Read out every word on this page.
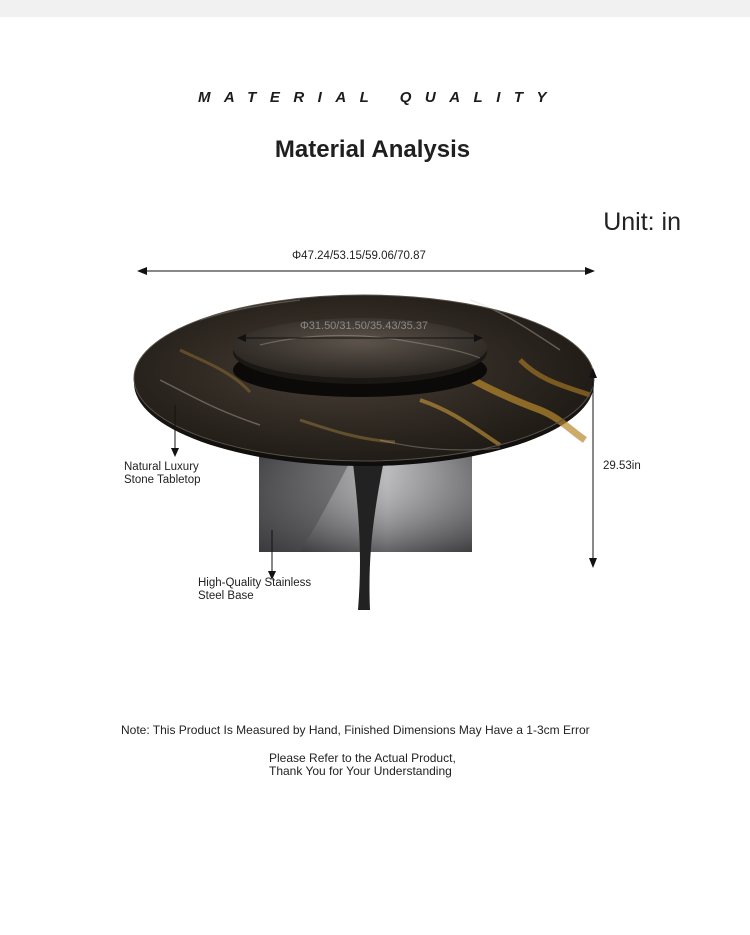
MATERIAL QUALITY
Material Analysis
Unit: in
Φ47.24/53.15/59.06/70.87
Φ31.50/31.50/35.43/35.37
29.53in
Natural Luxury
Stone Tabletop
High-Quality Stainless
Steel Base
Note: This Product Is Measured by Hand, Finished Dimensions May Have a 1-3cm Error
Please Refer to the Actual Product,
Thank You for Your Understanding
